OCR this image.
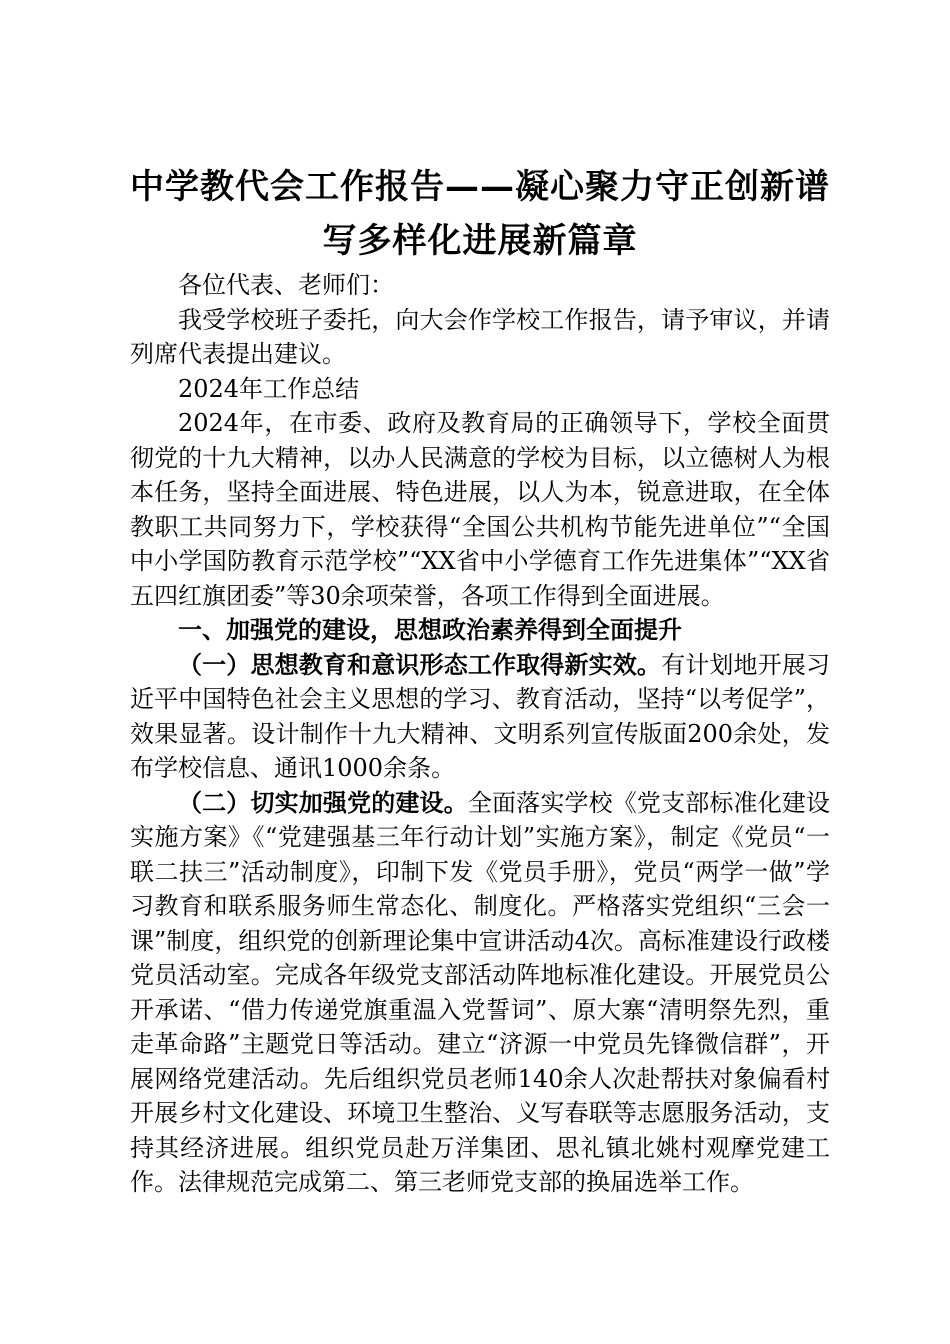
中学教代会工作报告——凝心聚力守正创新谱
写多样化进展新篇章

各位代表、老师们：

我受学校班子委托，向大会作学校工作报告，请予审议，并请列席代表提出建议。

2024年工作总结

2024年，在市委、政府及教育局的正确领导下，学校全面贯彻党的十九大精神，以办人民满意的学校为目标，以立德树人为根本任务，坚持全面进展、特色进展，以人为本，锐意进取，在全体教职工共同努力下，学校获得“全国公共机构节能先进单位”“全国中小学国防教育示范学校”“XX省中小学德育工作先进集体”“XX省五四红旗团委”等30余项荣誉，各项工作得到全面进展。

一、加强党的建设，思想政治素养得到全面提升

（一）思想教育和意识形态工作取得新实效。有计划地开展习近平中国特色社会主义思想的学习、教育活动，坚持“以考促学”，效果显著。设计制作十九大精神、文明系列宣传版面200余处，发布学校信息、通讯1000余条。

（二）切实加强党的建设。全面落实学校《党支部标准化建设实施方案》《“党建强基三年行动计划”实施方案》，制定《党员“一联二扶三”活动制度》，印制下发《党员手册》，党员“两学一做”学习教育和联系服务师生常态化、制度化。严格落实党组织“三会一课”制度，组织党的创新理论集中宣讲活动4次。高标准建设行政楼党员活动室。完成各年级党支部活动阵地标准化建设。开展党员公开承诺、“借力传递党旗重温入党誓词”、原大寨“清明祭先烈，重走革命路”主题党日等活动。建立“济源一中党员先锋微信群”，开展网络党建活动。先后组织党员老师140余人次赴帮扶对象偏看村开展乡村文化建设、环境卫生整治、义写春联等志愿服务活动，支持其经济进展。组织党员赴万洋集团、思礼镇北姚村观摩党建工作。法律规范完成第二、第三老师党支部的换届选举工作。
